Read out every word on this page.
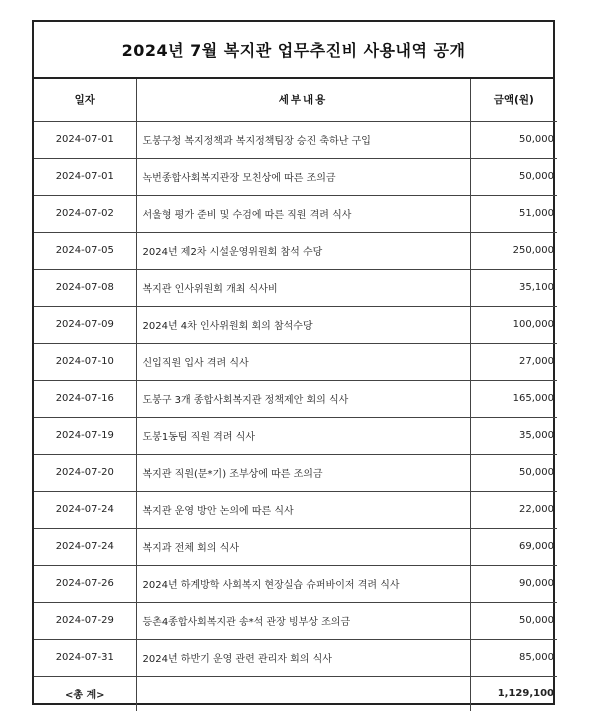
2024년 7월 복지관 업무추진비 사용내역 공개
일자	세부내용	금액(원)
2024-07-01	도봉구청 복지정책과 복지정책팀장 승진 축하난 구입	50,000
2024-07-01	녹번종합사회복지관장 모친상에 따른 조의금	50,000
2024-07-02	서울형 평가 준비 및 수검에 따른 직원 격려 식사	51,000
2024-07-05	2024년 제2차 시설운영위원회 참석 수당	250,000
2024-07-08	복지관 인사위원회 개최 식사비	35,100
2024-07-09	2024년 4차 인사위원회 회의 참석수당	100,000
2024-07-10	신입직원 입사 격려 식사	27,000
2024-07-16	도봉구 3개 종합사회복지관 정책제안 회의 식사	165,000
2024-07-19	도봉1동팀 직원 격려 식사	35,000
2024-07-20	복지관 직원(문*기) 조부상에 따른 조의금	50,000
2024-07-24	복지관 운영 방안 논의에 따른 식사	22,000
2024-07-24	복지과 전체 회의 식사	69,000
2024-07-26	2024년 하계방학 사회복지 현장실습 슈퍼바이저 격려 식사	90,000
2024-07-29	등촌4종합사회복지관 송*석 관장 빙부상 조의금	50,000
2024-07-31	2024년 하반기 운영 관련 관리자 회의 식사	85,000
<총 계>		1,129,100
